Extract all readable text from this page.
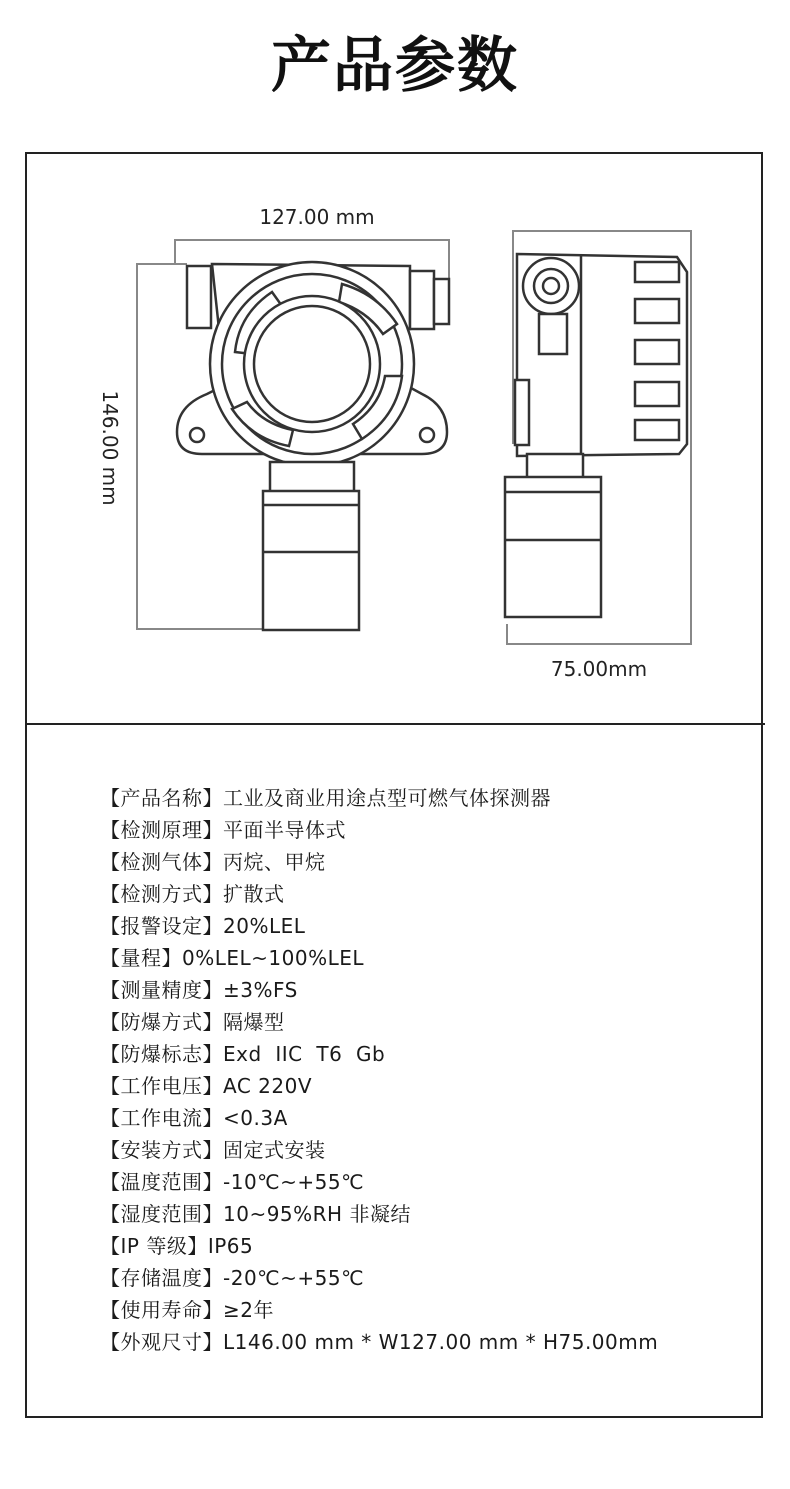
产品参数
127.00 mm
146.00 mm
75.00mm
【产品名称】工业及商业用途点型可燃气体探测器
【检测原理】平面半导体式
【检测气体】丙烷、甲烷
【检测方式】扩散式
【报警设定】20%LEL
【量程】0%LEL~100%LEL
【测量精度】±3%FS
【防爆方式】隔爆型
【防爆标志】Exd  IIC  T6  Gb
【工作电压】AC 220V
【工作电流】<0.3A
【安装方式】固定式安装
【温度范围】-10℃~+55℃
【湿度范围】10~95%RH 非凝结
【IP 等级】IP65
【存储温度】-20℃~+55℃
【使用寿命】≥2年
【外观尺寸】L146.00 mm * W127.00 mm * H75.00mm
